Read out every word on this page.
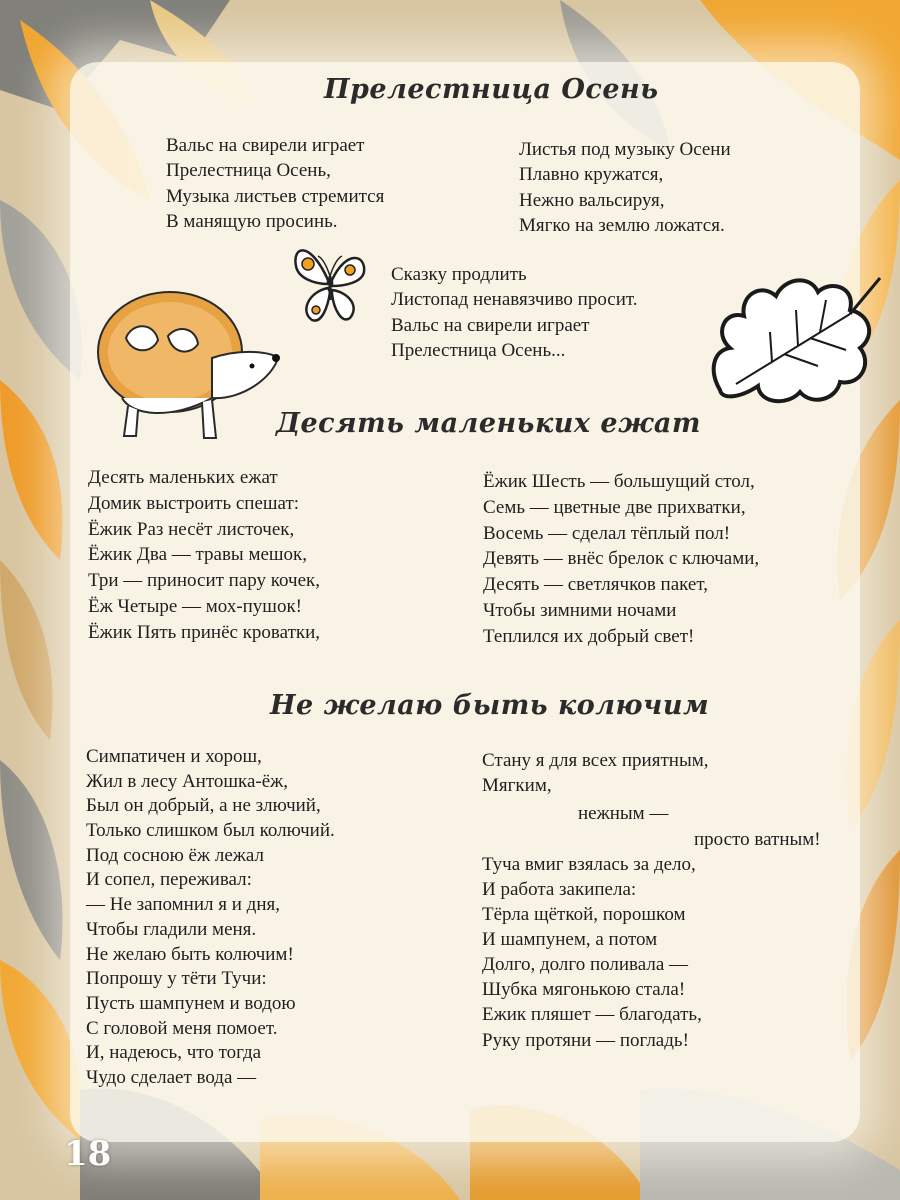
Прелестница Осень
Вальс на свирели играет
Прелестница Осень,
Музыка листьев стремится
В манящую просинь.
Листья под музыку Осени
Плавно кружатся,
Нежно вальсируя,
Мягко на землю ложатся.
Сказку продлить
Листопад ненавязчиво просит.
Вальс на свирели играет
Прелестница Осень...
Десять маленьких ежат
Десять маленьких ежат
Домик выстроить спешат:
Ёжик Раз несёт листочек,
Ёжик Два — травы мешок,
Три — приносит пару кочек,
Ёж Четыре — мох-пушок!
Ёжик Пять принёс кроватки,
Ёжик Шесть — большущий стол,
Семь — цветные две прихватки,
Восемь — сделал тёплый пол!
Девять — внёс брелок с ключами,
Десять — светлячков пакет,
Чтобы зимними ночами
Теплился их добрый свет!
Не желаю быть колючим
Симпатичен и хорош,
Жил в лесу Антошка-ёж,
Был он добрый, а не злючий,
Только слишком был колючий.
Под сосною ёж лежал
И сопел, переживал:
— Не запомнил я и дня,
Чтобы гладили меня.
Не желаю быть колючим!
Попрошу у тёти Тучи:
Пусть шампунем и водою
С головой меня помоет.
И, надеюсь, что тогда
Чудо сделает вода —
Стану я для всех приятным,
Мягким,
нежным —
просто ватным!
Туча вмиг взялась за дело,
И работа закипела:
Тёрла щёткой, порошком
И шампунем, а потом
Долго, долго поливала —
Шубка мягонькою стала!
Ежик пляшет — благодать,
Руку протяни — погладь!
18
